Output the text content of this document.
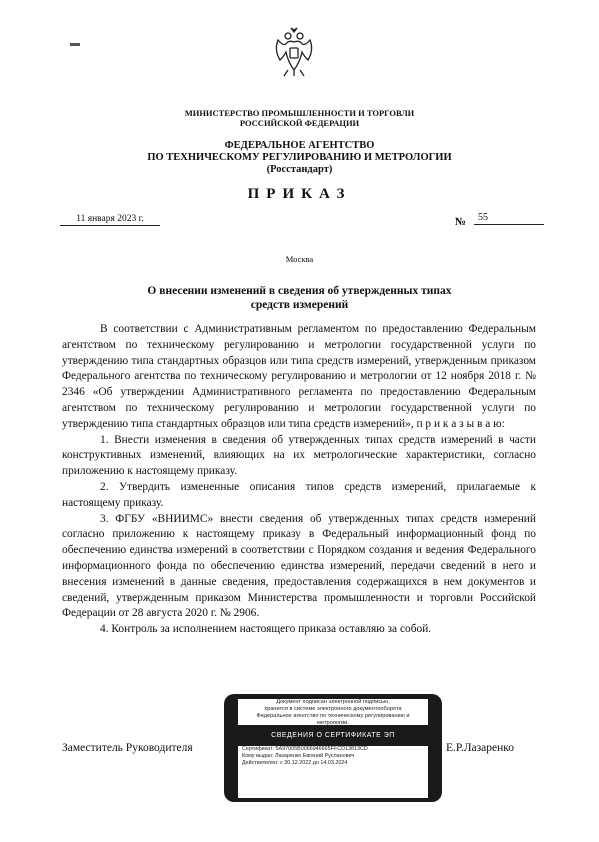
МИНИСТЕРСТВО ПРОМЫШЛЕННОСТИ И ТОРГОВЛИ
РОССИЙСКОЙ ФЕДЕРАЦИИ
ФЕДЕРАЛЬНОЕ АГЕНТСТВО
ПО ТЕХНИЧЕСКОМУ РЕГУЛИРОВАНИЮ И МЕТРОЛОГИИ
(Росстандарт)
ПРИКАЗ
11 января 2023 г.	№	55
Москва
О внесении изменений в сведения об утвержденных типах
средств измерений

В соответствии с Административным регламентом по предоставлению Федеральным агентством по техническому регулированию и метрологии государственной услуги по утверждению типа стандартных образцов или типа средств измерений, утвержденным приказом Федерального агентства по техническому регулированию и метрологии от 12 ноября 2018 г. № 2346 «Об утверждении Административного регламента по предоставлению Федеральным агентством по техническому регулированию и метрологии государственной услуги по утверждению типа стандартных образцов или типа средств измерений», п р и к а з ы в а ю:

1. Внести изменения в сведения об утвержденных типах средств измерений в части конструктивных изменений, влияющих на их метрологические характеристики, согласно приложению к настоящему приказу.

2. Утвердить измененные описания типов средств измерений, прилагаемые к настоящему приказу.

3. ФГБУ «ВНИИМС» внести сведения об утвержденных типах средств измерений согласно приложению к настоящему приказу в Федеральный информационный фонд по обеспечению единства измерений в соответствии с Порядком создания и ведения Федерального информационного фонда по обеспечению единства измерений, передачи сведений в него и внесения изменений в данные сведения, предоставления содержащихся в нем документов и сведений, утвержденным приказом Министерства промышленности и торговли Российской Федерации от 28 августа 2020 г. № 2906.

4. Контроль за исполнением настоящего приказа оставляю за собой.

Заместитель Руководителя
Документ подписан электронной подписью,
хранится в системе электронного документооборота
Федеральное агентство по техническому регулированию и
метрологии.
СВЕДЕНИЯ О СЕРТИФИКАТЕ ЭП
Сертификат: 5A97005B0066946665FFCD13813CD
Кому выдан: Лазаренко Евгений Русланович
Действителен: с 30.12.2022 до 14.03.2024
Е.Р.Лазаренко
